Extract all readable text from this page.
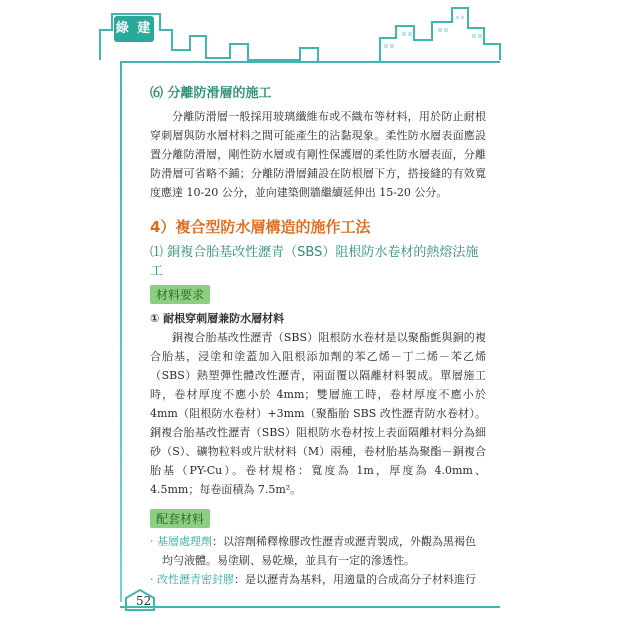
綠 建 築
52
⑹ 分離防滑層的施工

分離防滑層一般採用玻璃纖維布或不織布等材料，用於防止耐根穿刺層與防水層材料之間可能產生的沾黏現象。柔性防水層表面應設置分離防滑層，剛性防水層或有剛性保護層的柔性防水層表面，分離防滑層可省略不鋪；分離防滑層鋪設在防根層下方，搭接縫的有效寬度應達 10-20 公分，並向建築側牆繼續延伸出 15-20 公分。

4）複合型防水層構造的施作工法
⑴ 銅複合胎基改性瀝青（SBS）阻根防水卷材的熱熔法施工
材料要求
① 耐根穿刺層兼防水層材料

銅複合胎基改性瀝青（SBS）阻根防水卷材是以聚酯氈與銅的複合胎基，浸塗和塗蓋加入阻根添加劑的苯乙烯－丁二烯－苯乙烯（SBS）熱塑彈性體改性瀝青，兩面覆以隔離材料製成。單層施工時，卷材厚度不應小於 4mm；雙層施工時，卷材厚度不應小於 4mm（阻根防水卷材）+3mm（聚酯胎 SBS 改性瀝青防水卷材）。銅複合胎基改性瀝青（SBS）阻根防水卷材按上表面隔離材料分為細砂（S）、礦物粒料或片狀材料（M）兩種，卷材胎基為聚酯－銅複合胎基（PY-Cu）。卷材規格：寬度為 1m，厚度為 4.0mm、4.5mm；每卷面積為 7.5m²。

配套材料

· 基層處理劑：以溶劑稀釋橡膠改性瀝青或瀝青製成，外觀為黑褐色
均勻液體。易塗刷、易乾燥，並具有一定的滲透性。

· 改性瀝青密封膠：是以瀝青為基料，用適量的合成高分子材料進行
